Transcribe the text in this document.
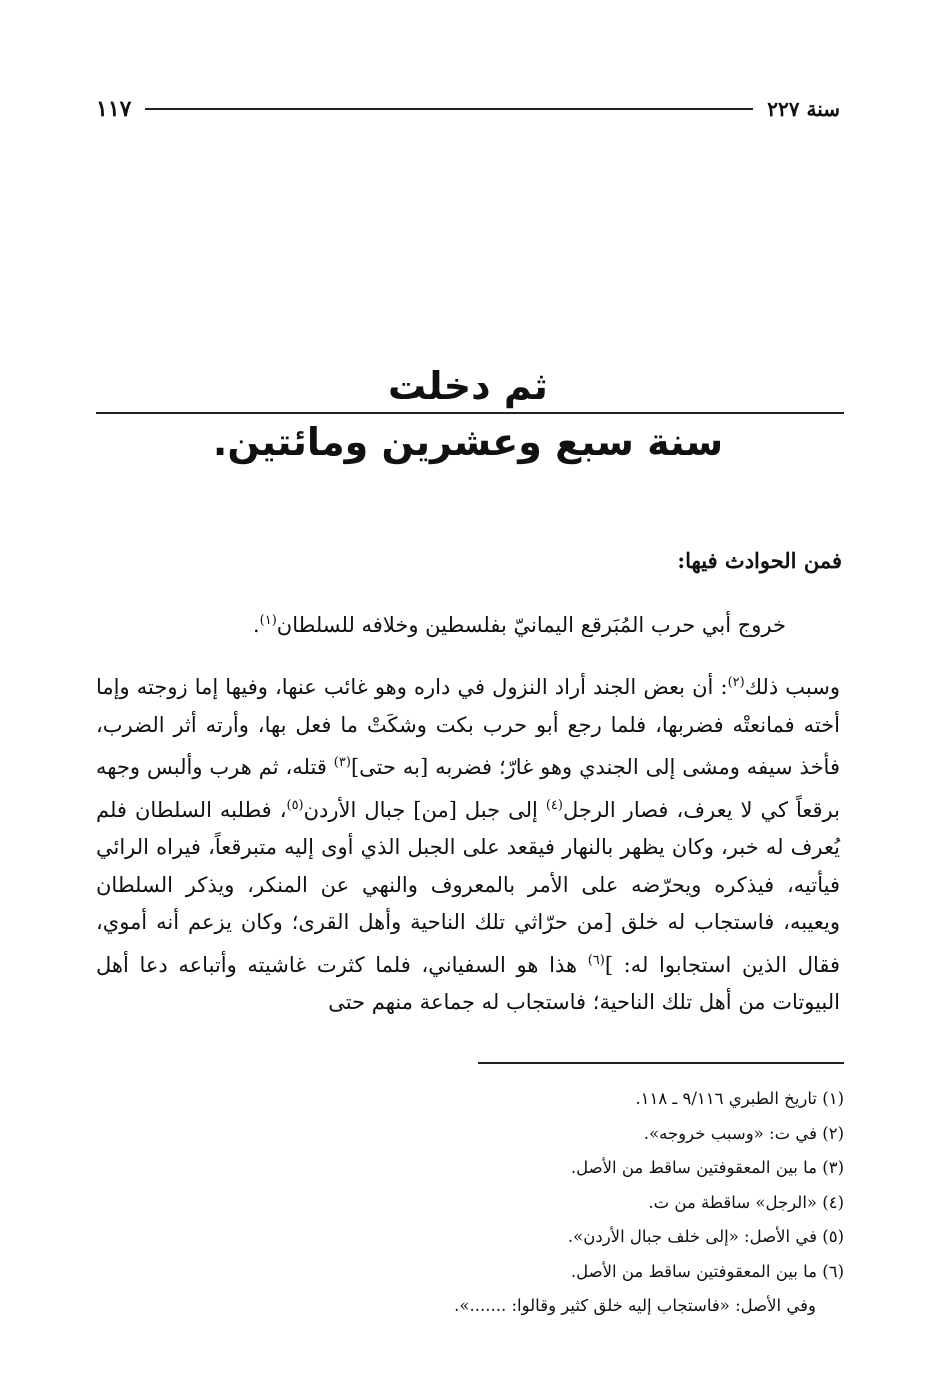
سنة ٢٢٧
١١٧
ثم دخلت
سنة سبع وعشرين ومائتين.
فمن الحوادث فيها:

خروج أبي حرب المُبَرقع اليمانيّ بفلسطين وخلافه للسلطان$^{(١)}$.

وسبب ذلك$^{(٢)}$: أن بعض الجند أراد النزول في داره وهو غائب عنها، وفيها إما زوجته وإما أخته فمانعتْه فضربها، فلما رجع أبو حرب بكت وشكَتْ ما فعل بها، وأرته أثر الضرب، فأخذ سيفه ومشى إلى الجندي وهو غارّ؛ فضربه [به حتى]$^{(٣)}$ قتله، ثم هرب وألبس وجهه برقعاً كي لا يعرف، فصار الرجل$^{(٤)}$ إلى جبل [من] جبال الأردن$^{(٥)}$، فطلبه السلطان فلم يُعرف له خبر، وكان يظهر بالنهار فيقعد على الجبل الذي أوى إليه متبرقعاً، فيراه الرائي فيأتيه، فيذكره ويحرّضه على الأمر بالمعروف والنهي عن المنكر، ويذكر السلطان ويعيبه، فاستجاب له خلق [من حرّاثي تلك الناحية وأهل القرى؛ وكان يزعم أنه أموي، فقال الذين استجابوا له: ]$^{(٦)}$ هذا هو السفياني، فلما كثرت غاشيته وأتباعه دعا أهل البيوتات من أهل تلك الناحية؛ فاستجاب له جماعة منهم حتى

(١) تاريخ الطبري ٩/١١٦ ـ ١١٨.
(٢) في ت: «وسبب خروجه».
(٣) ما بين المعقوفتين ساقط من الأصل.
(٤) «الرجل» ساقطة من ت.
(٥) في الأصل: «إلى خلف جبال الأردن».
(٦) ما بين المعقوفتين ساقط من الأصل.
وفي الأصل: «فاستجاب إليه خلق كثير وقالوا: .......».
